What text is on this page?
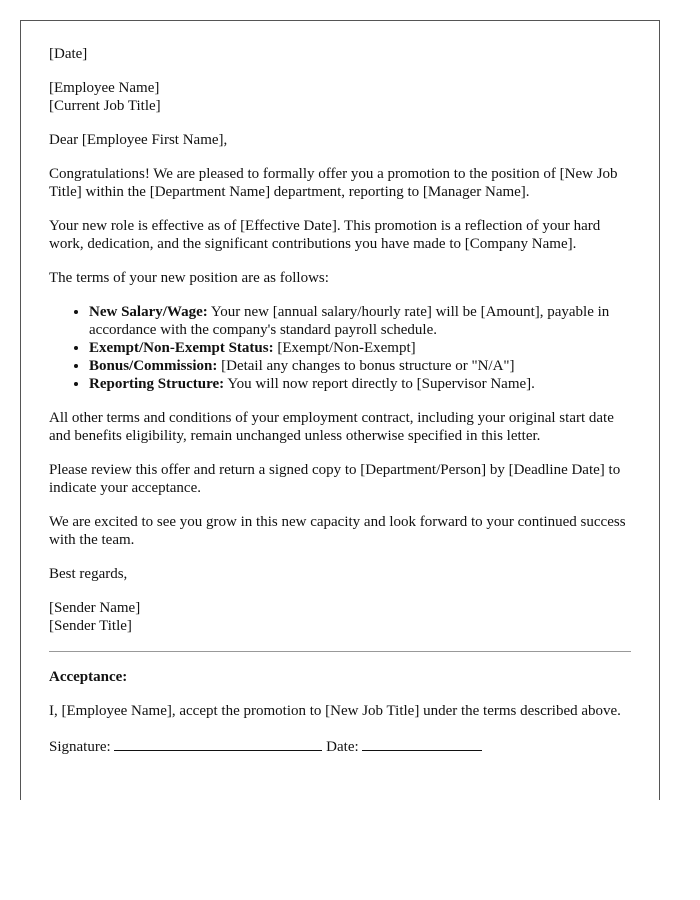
[Date]

[Employee Name]
[Current Job Title]

Dear [Employee First Name],

Congratulations! We are pleased to formally offer you a promotion to the position of [New Job Title] within the [Department Name] department, reporting to [Manager Name].

Your new role is effective as of [Effective Date]. This promotion is a reflection of your hard work, dedication, and the significant contributions you have made to [Company Name].

The terms of your new position are as follows:

• New Salary/Wage: Your new [annual salary/hourly rate] will be [Amount], payable in accordance with the company's standard payroll schedule.
• Exempt/Non-Exempt Status: [Exempt/Non-Exempt]
• Bonus/Commission: [Detail any changes to bonus structure or "N/A"]
• Reporting Structure: You will now report directly to [Supervisor Name].

All other terms and conditions of your employment contract, including your original start date and benefits eligibility, remain unchanged unless otherwise specified in this letter.

Please review this offer and return a signed copy to [Department/Person] by [Deadline Date] to indicate your acceptance.

We are excited to see you grow in this new capacity and look forward to your continued success with the team.

Best regards,

[Sender Name]
[Sender Title]

Acceptance:

I, [Employee Name], accept the promotion to [New Job Title] under the terms described above.

Signature:	Date:
